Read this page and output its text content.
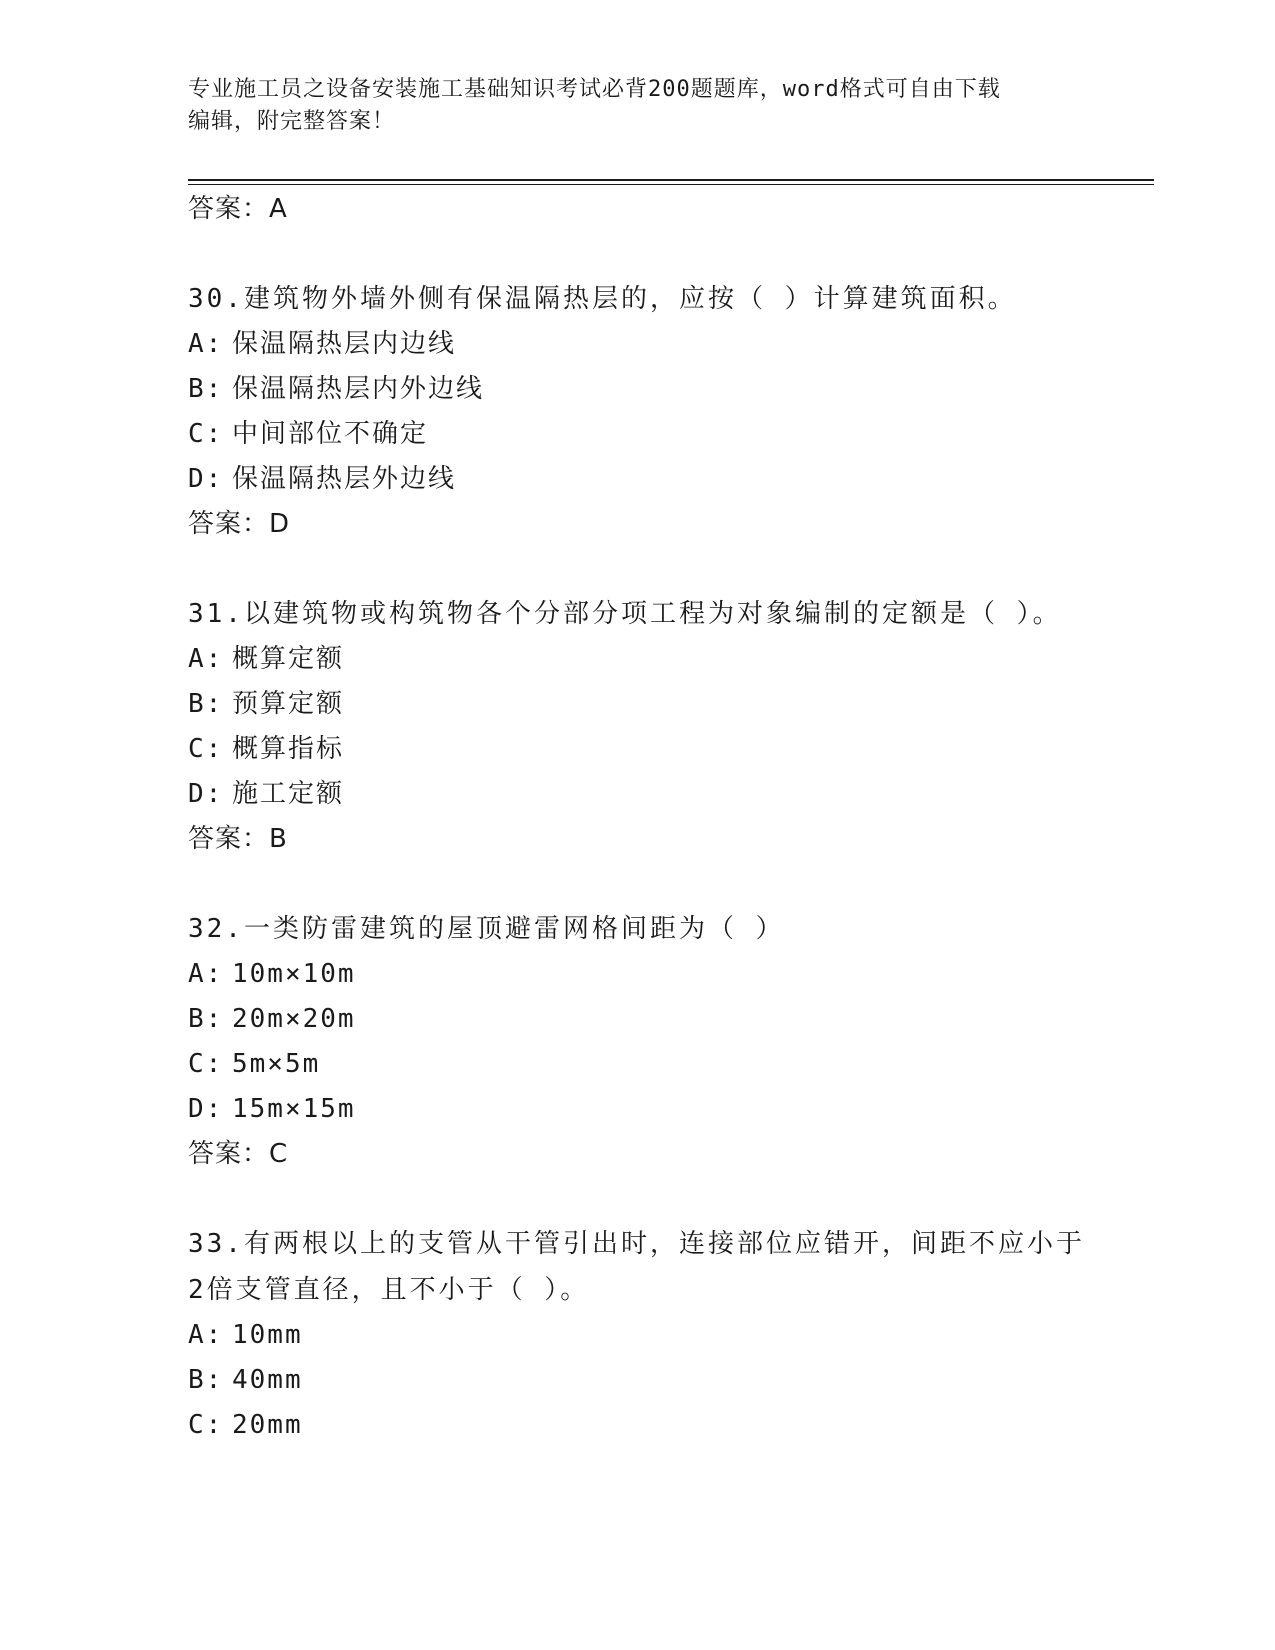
专业施工员之设备安装施工基础知识考试必背200题题库，word格式可自由下载
编辑，附完整答案！
答案：A
30.建筑物外墙外侧有保温隔热层的，应按（ ）计算建筑面积。
A: 保温隔热层内边线
B: 保温隔热层内外边线
C: 中间部位不确定
D: 保温隔热层外边线
答案：D
31.以建筑物或构筑物各个分部分项工程为对象编制的定额是（ ）。
A: 概算定额
B: 预算定额
C: 概算指标
D: 施工定额
答案：B
32.一类防雷建筑的屋顶避雷网格间距为（ ）
A: 10m×10m
B: 20m×20m
C: 5m×5m
D: 15m×15m
答案：C
33.有两根以上的支管从干管引出时，连接部位应错开，间距不应小于
2倍支管直径，且不小于（ ）。
A: 10mm
B: 40mm
C: 20mm
